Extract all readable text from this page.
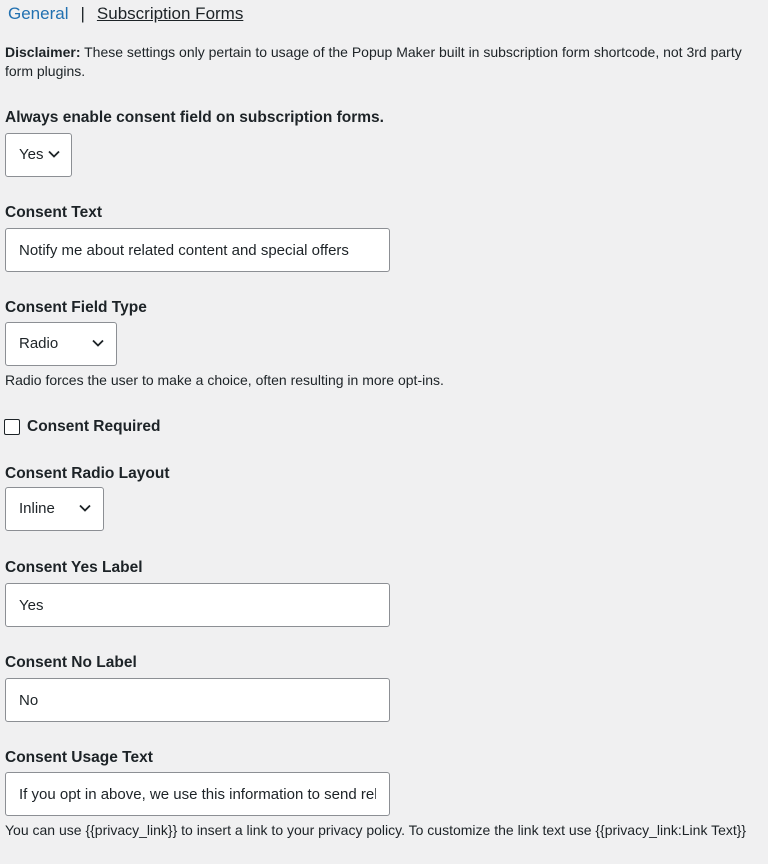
General | Subscription Forms
Disclaimer: These settings only pertain to usage of the Popup Maker built in subscription form shortcode, not 3rd party form plugins.
Always enable consent field on subscription forms.
Yes
Consent Text
Notify me about related content and special offers
Consent Field Type
Radio
Radio forces the user to make a choice, often resulting in more opt-ins.
Consent Required
Consent Radio Layout
Inline
Consent Yes Label
Yes
Consent No Label
No
Consent Usage Text
If you opt in above, we use this information to send related content, discounts and other special offers.
You can use {{privacy_link}} to insert a link to your privacy policy. To customize the link text use {{privacy_link:Link Text}}
